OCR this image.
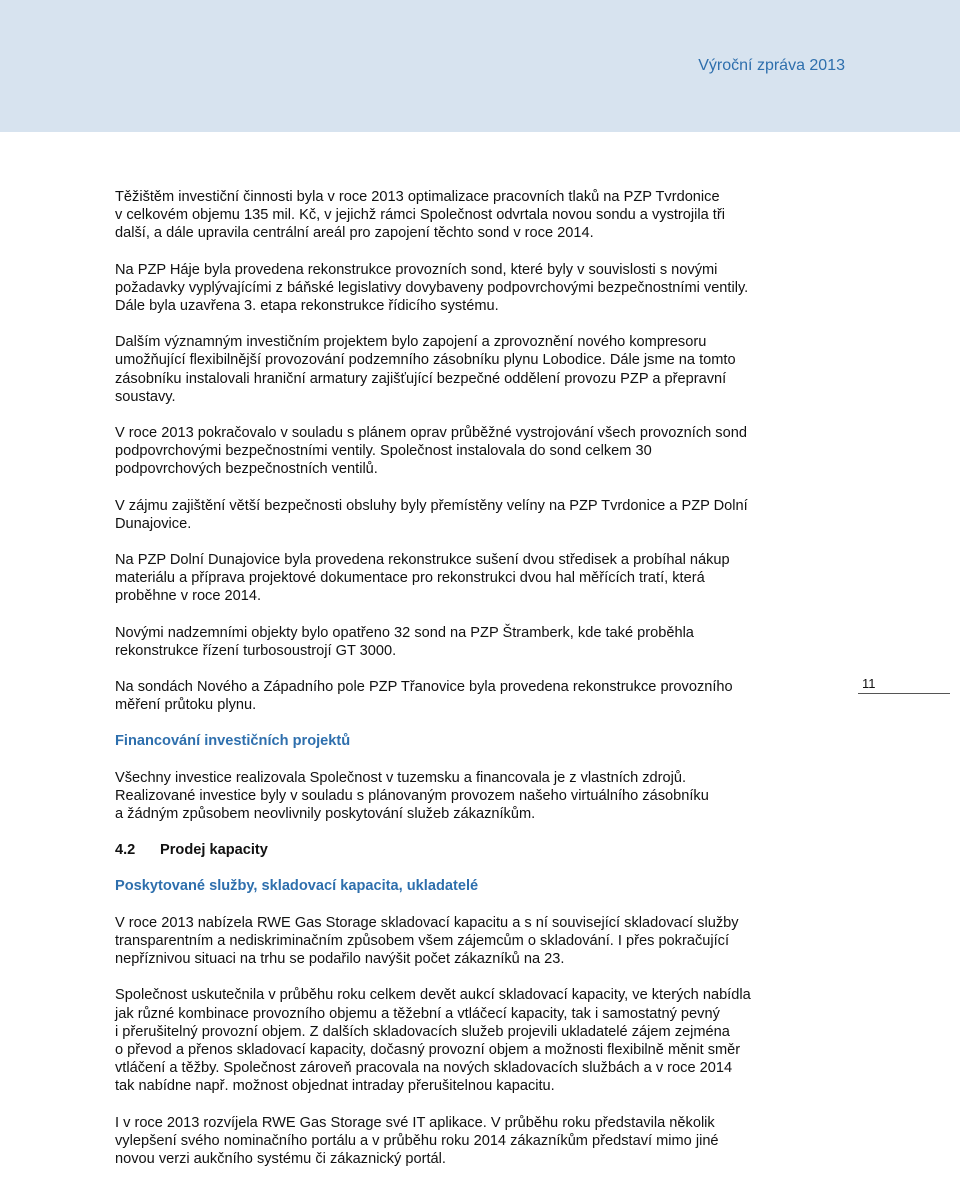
Výroční zpráva 2013

Těžištěm investiční činnosti byla v roce 2013 optimalizace pracovních tlaků na PZP Tvrdonice
v celkovém objemu 135 mil. Kč, v jejichž rámci Společnost odvrtala novou sondu a vystrojila tři
další, a dále upravila centrální areál pro zapojení těchto sond v roce 2014.

Na PZP Háje byla provedena rekonstrukce provozních sond, které byly v souvislosti s novými
požadavky vyplývajícími z báňské legislativy dovybaveny podpovrchovými bezpečnostními ventily.
Dále byla uzavřena 3. etapa rekonstrukce řídicího systému.

Dalším významným investičním projektem bylo zapojení a zprovoznění nového kompresoru
umožňující flexibilnější provozování podzemního zásobníku plynu Lobodice. Dále jsme na tomto
zásobníku instalovali hraniční armatury zajišťující bezpečné oddělení provozu PZP a přepravní
soustavy.

V roce 2013 pokračovalo v souladu s plánem oprav průběžné vystrojování všech provozních sond
podpovrchovými bezpečnostními ventily. Společnost instalovala do sond celkem 30
podpovrchových bezpečnostních ventilů.

V zájmu zajištění větší bezpečnosti obsluhy byly přemístěny velíny na PZP Tvrdonice a PZP Dolní
Dunajovice.

Na PZP Dolní Dunajovice byla provedena rekonstrukce sušení dvou středisek a probíhal nákup
materiálu a příprava projektové dokumentace pro rekonstrukci dvou hal měřících tratí, která
proběhne v roce 2014.

Novými nadzemními objekty bylo opatřeno 32 sond na PZP Štramberk, kde také proběhla
rekonstrukce řízení turbosoustrojí GT 3000.

Na sondách Nového a Západního pole PZP Třanovice byla provedena rekonstrukce provozního
měření průtoku plynu.

Financování investičních projektů

Všechny investice realizovala Společnost v tuzemsku a financovala je z vlastních zdrojů.
Realizované investice byly v souladu s plánovaným provozem našeho virtuálního zásobníku
a žádným způsobem neovlivnily poskytování služeb zákazníkům.

4.2 Prodej kapacity
Poskytované služby, skladovací kapacita, ukladatelé

V roce 2013 nabízela RWE Gas Storage skladovací kapacitu a s ní související skladovací služby
transparentním a nediskriminačním způsobem všem zájemcům o skladování. I přes pokračující
nepříznivou situaci na trhu se podařilo navýšit počet zákazníků na 23.

Společnost uskutečnila v průběhu roku celkem devět aukcí skladovací kapacity, ve kterých nabídla
jak různé kombinace provozního objemu a těžební a vtláčecí kapacity, tak i samostatný pevný
i přerušitelný provozní objem. Z dalších skladovacích služeb projevili ukladatelé zájem zejména
o převod a přenos skladovací kapacity, dočasný provozní objem a možnosti flexibilně měnit směr
vtláčení a těžby. Společnost zároveň pracovala na nových skladovacích službách a v roce 2014
tak nabídne např. možnost objednat intraday přerušitelnou kapacitu.

I v roce 2013 rozvíjela RWE Gas Storage své IT aplikace. V průběhu roku představila několik
vylepšení svého nominačního portálu a v průběhu roku 2014 zákazníkům představí mimo jiné
novou verzi aukčního systému či zákaznický portál.

11
